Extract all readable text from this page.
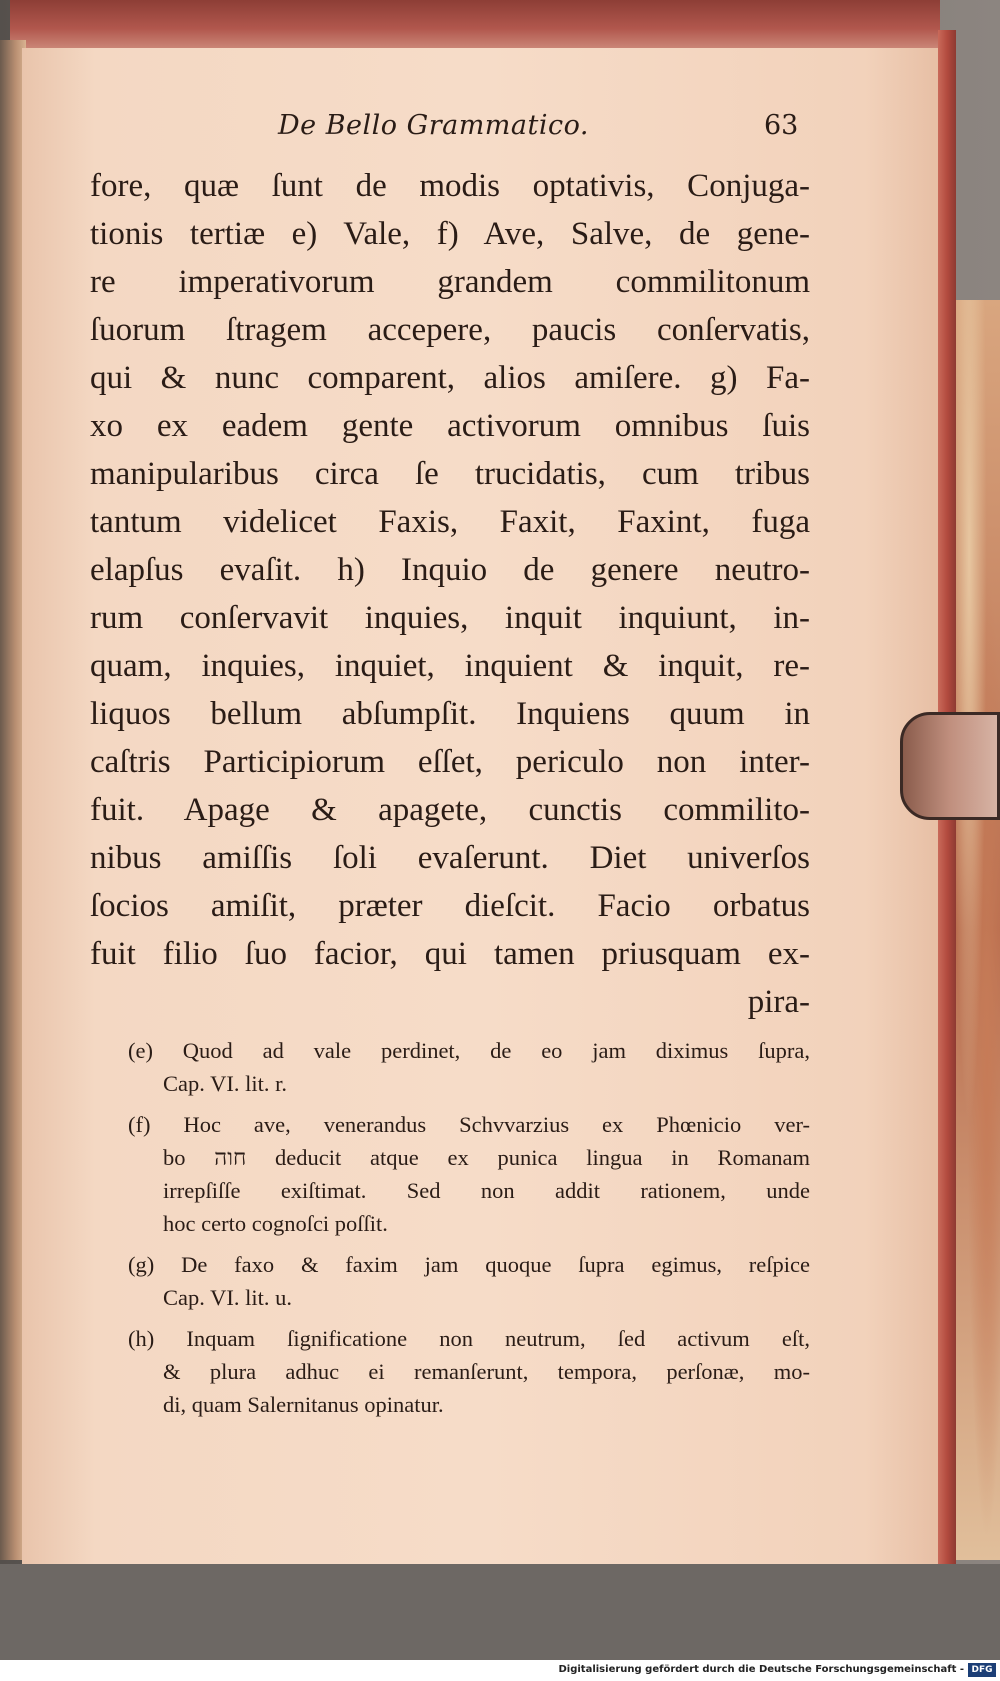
De Bello Grammatico.	63
fore, quæ ſunt de modis optativis, Conjuga-
tionis tertiæ e) Vale, f) Ave, Salve, de gene-
re imperativorum grandem commilitonum
ſuorum ſtragem accepere, paucis conſervatis,
qui & nunc comparent, alios amiſere. g) Fa-
xo ex eadem gente activorum omnibus ſuis
manipularibus circa ſe trucidatis, cum tribus
tantum videlicet Faxis, Faxit, Faxint, fuga
elapſus evaſit. h) Inquio de genere neutro-
rum conſervavit inquies, inquit inquiunt, in-
quam, inquies, inquiet, inquient & inquit, re-
liquos bellum abſumpſit. Inquiens quum in
caſtris Participiorum eſſet, periculo non inter-
fuit. Apage & apagete, cunctis commilito-
nibus amiſſis ſoli evaſerunt. Diet univerſos
ſocios amiſit, præter dieſcit. Facio orbatus
fuit filio ſuo facior, qui tamen priusquam ex-
pira-
(e) Quod ad vale perdinet, de eo jam diximus ſupra,
Cap. VI. lit. r.
(f) Hoc ave, venerandus Schvvarzius ex Phœnicio ver-
bo חוה deducit atque ex punica lingua in Romanam
irrepſiſſe exiſtimat. Sed non addit rationem, unde
hoc certo cognoſci poſſit.
(g) De faxo & faxim jam quoque ſupra egimus, reſpice
Cap. VI. lit. u.
(h) Inquam ſignificatione non neutrum, ſed activum eſt,
& plura adhuc ei remanſerunt, tempora, perſonæ, mo-
di, quam Salernitanus opinatur.
Digitalisierung gefördert durch die Deutsche Forschungsgemeinschaft - DFG
